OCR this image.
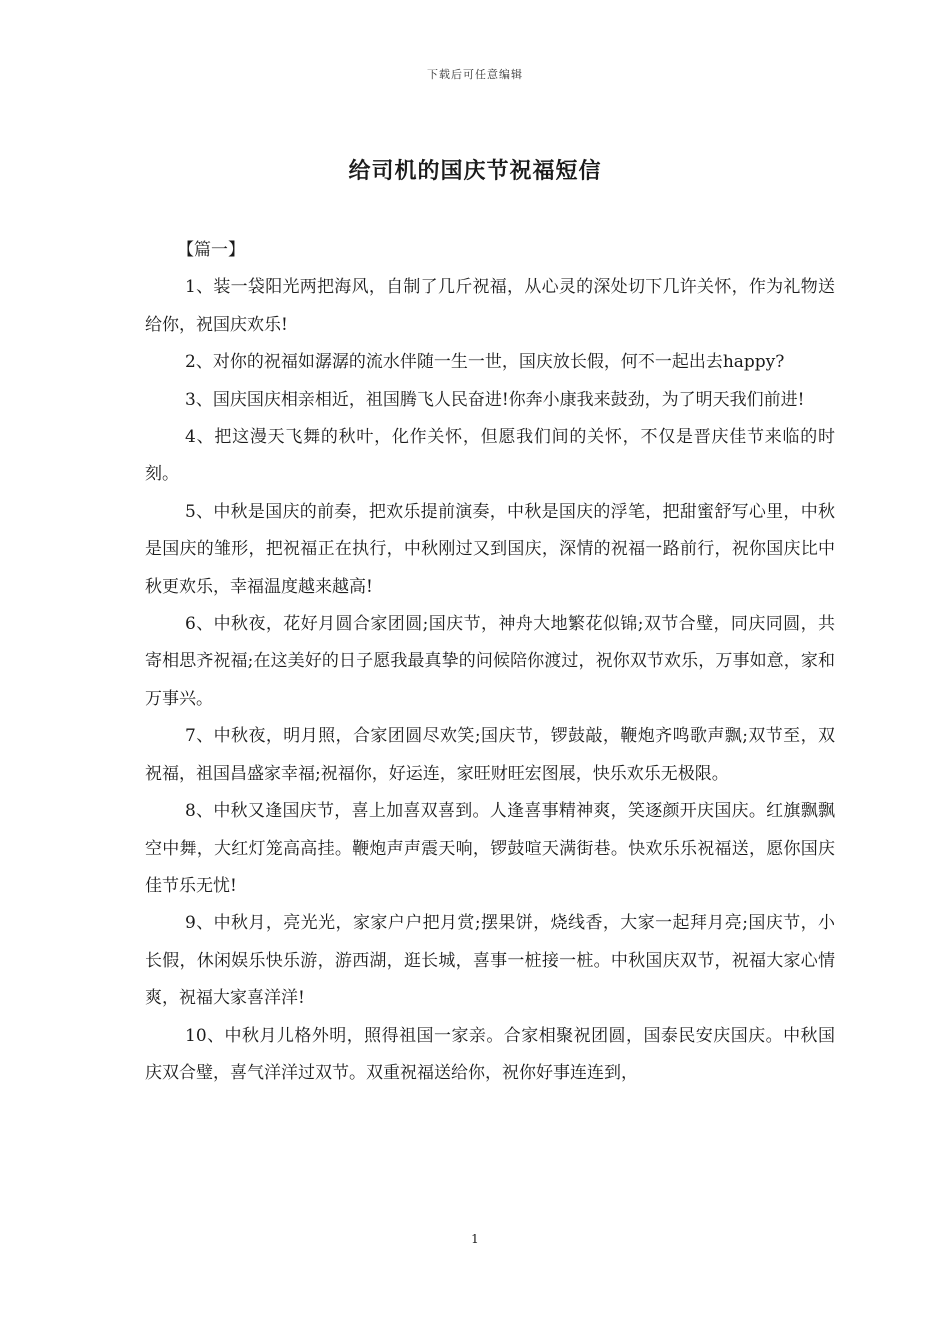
下载后可任意编辑
给司机的国庆节祝福短信

【篇一】

1、装一袋阳光两把海风，自制了几斤祝福，从心灵的深处切下几许关怀，作为礼物送给你，祝国庆欢乐!

2、对你的祝福如潺潺的流水伴随一生一世，国庆放长假，何不一起出去happy?

3、国庆国庆相亲相近，祖国腾飞人民奋进!你奔小康我来鼓劲，为了明天我们前进!

4、把这漫天飞舞的秋叶，化作关怀，但愿我们间的关怀，不仅是晋庆佳节来临的时刻。

5、中秋是国庆的前奏，把欢乐提前演奏，中秋是国庆的浮笔，把甜蜜舒写心里，中秋是国庆的雏形，把祝福正在执行，中秋刚过又到国庆，深情的祝福一路前行，祝你国庆比中秋更欢乐，幸福温度越来越高!

6、中秋夜，花好月圆合家团圆;国庆节，神舟大地繁花似锦;双节合璧，同庆同圆，共寄相思齐祝福;在这美好的日子愿我最真挚的问候陪你渡过，祝你双节欢乐，万事如意，家和万事兴。

7、中秋夜，明月照，合家团圆尽欢笑;国庆节，锣鼓敲，鞭炮齐鸣歌声飘;双节至，双祝福，祖国昌盛家幸福;祝福你，好运连，家旺财旺宏图展，快乐欢乐无极限。

8、中秋又逢国庆节，喜上加喜双喜到。人逢喜事精神爽，笑逐颜开庆国庆。红旗飘飘空中舞，大红灯笼高高挂。鞭炮声声震天响，锣鼓喧天满街巷。快欢乐乐祝福送，愿你国庆佳节乐无忧!

9、中秋月，亮光光，家家户户把月赏;摆果饼，烧线香，大家一起拜月亮;国庆节，小长假，休闲娱乐快乐游，游西湖，逛长城，喜事一桩接一桩。中秋国庆双节，祝福大家心情爽，祝福大家喜洋洋!

10、中秋月儿格外明，照得祖国一家亲。合家相聚祝团圆，国泰民安庆国庆。中秋国庆双合璧，喜气洋洋过双节。双重祝福送给你，祝你好事连连到，

1
